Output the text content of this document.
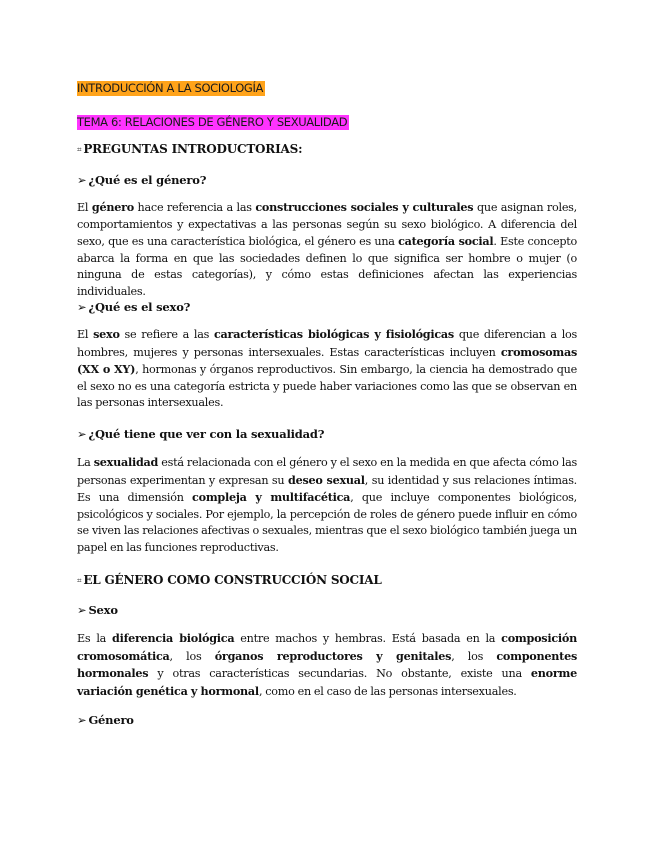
INTRODUCCIÓN A LA SOCIOLOGÍA
TEMA 6: RELACIONES DE GÉNERO Y SEXUALIDAD
⌗ PREGUNTAS INTRODUCTORIAS:
➢ ¿Qué es el género?

El género hace referencia a las construcciones sociales y culturales que asignan roles, comportamientos y expectativas a las personas según su sexo biológico. A diferencia del sexo, que es una característica biológica, el género es una categoría social. Este concepto abarca la forma en que las sociedades definen lo que significa ser hombre o mujer (o ninguna de estas categorías), y cómo estas definiciones afectan las experiencias individuales.

➢ ¿Qué es el sexo?

El sexo se refiere a las características biológicas y fisiológicas que diferencian a los hombres, mujeres y personas intersexuales. Estas características incluyen cromosomas (XX o XY), hormonas y órganos reproductivos. Sin embargo, la ciencia ha demostrado que el sexo no es una categoría estricta y puede haber variaciones como las que se observan en las personas intersexuales.

➢ ¿Qué tiene que ver con la sexualidad?

La sexualidad está relacionada con el género y el sexo en la medida en que afecta cómo las personas experimentan y expresan su deseo sexual, su identidad y sus relaciones íntimas. Es una dimensión compleja y multifacética, que incluye componentes biológicos, psicológicos y sociales. Por ejemplo, la percepción de roles de género puede influir en cómo se viven las relaciones afectivas o sexuales, mientras que el sexo biológico también juega un papel en las funciones reproductivas.

⌗ EL GÉNERO COMO CONSTRUCCIÓN SOCIAL
➢ Sexo

Es la diferencia biológica entre machos y hembras. Está basada en la composición cromosomática, los órganos reproductores y genitales, los componentes hormonales y otras características secundarias. No obstante, existe una enorme variación genética y hormonal, como en el caso de las personas intersexuales.

➢ Género
